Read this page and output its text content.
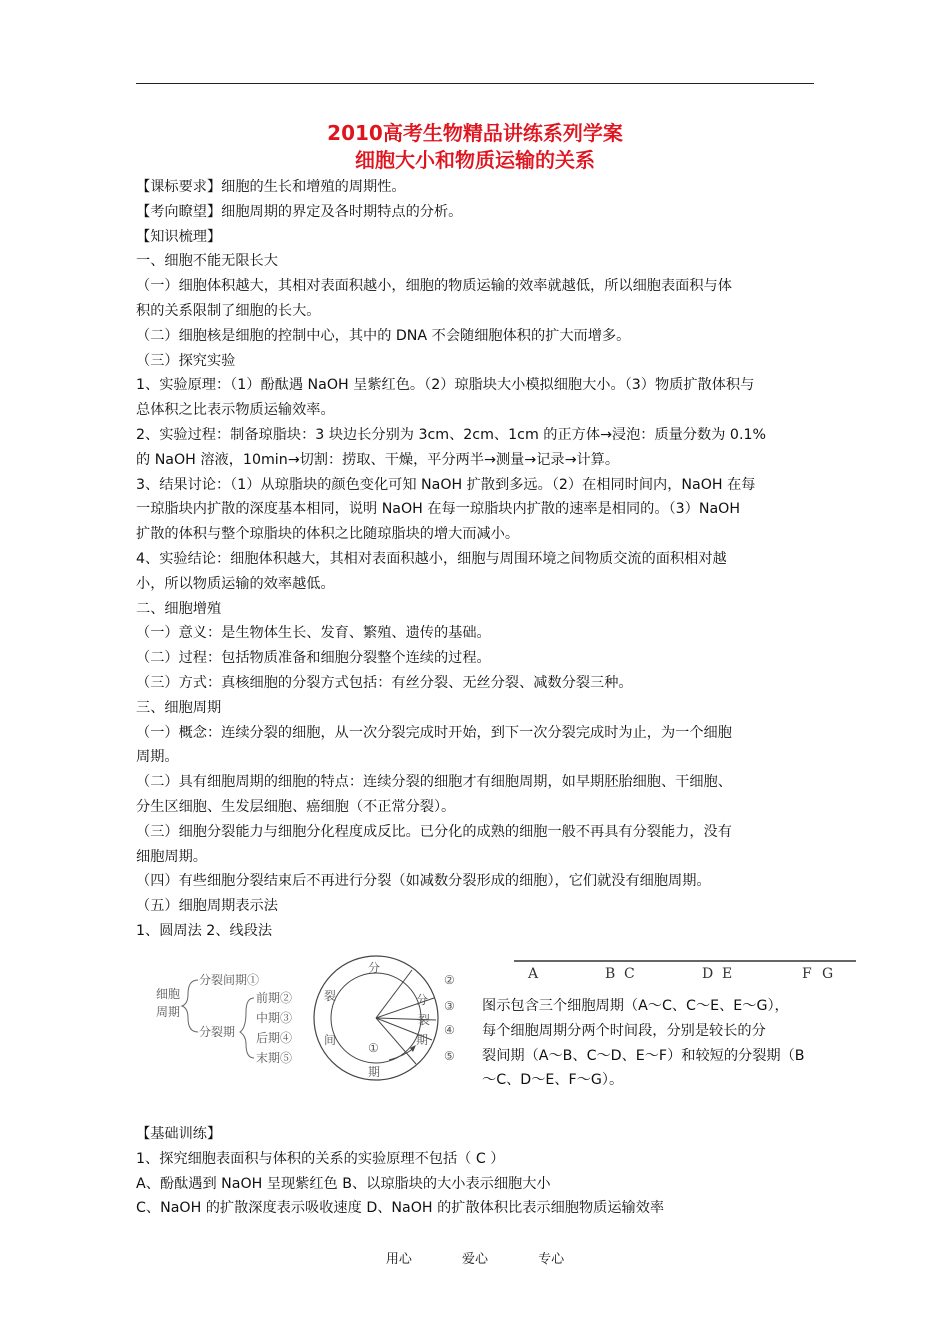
2010高考生物精品讲练系列学案
细胞大小和物质运输的关系

【课标要求】细胞的生长和增殖的周期性。

【考向瞭望】细胞周期的界定及各时期特点的分析。

【知识梳理】

一、细胞不能无限长大

（一）细胞体积越大，其相对表面积越小，细胞的物质运输的效率就越低，所以细胞表面积与体

积的关系限制了细胞的长大。

（二）细胞核是细胞的控制中心，其中的 DNA 不会随细胞体积的扩大而增多。

（三）探究实验

1、实验原理：（1）酚酞遇 NaOH 呈紫红色。（2）琼脂块大小模拟细胞大小。（3）物质扩散体积与

总体积之比表示物质运输效率。

2、实验过程：制备琼脂块：3 块边长分别为 3cm、2cm、1cm 的正方体→浸泡：质量分数为 0.1%

的 NaOH 溶液，10min→切割：捞取、干燥，平分两半→测量→记录→计算。

3、结果讨论：（1）从琼脂块的颜色变化可知 NaOH 扩散到多远。（2）在相同时间内，NaOH 在每

一琼脂块内扩散的深度基本相同，说明 NaOH 在每一琼脂块内扩散的速率是相同的。（3）NaOH

扩散的体积与整个琼脂块的体积之比随琼脂块的增大而减小。

4、实验结论：细胞体积越大，其相对表面积越小，细胞与周围环境之间物质交流的面积相对越

小，所以物质运输的效率越低。

二、细胞增殖

（一）意义：是生物体生长、发育、繁殖、遗传的基础。

（二）过程：包括物质准备和细胞分裂整个连续的过程。

（三）方式：真核细胞的分裂方式包括：有丝分裂、无丝分裂、减数分裂三种。

三、细胞周期

（一）概念：连续分裂的细胞，从一次分裂完成时开始，到下一次分裂完成时为止，为一个细胞

周期。

（二）具有细胞周期的细胞的特点：连续分裂的细胞才有细胞周期，如早期胚胎细胞、干细胞、

分生区细胞、生发层细胞、癌细胞（不正常分裂）。

（三）细胞分裂能力与细胞分化程度成反比。已分化的成熟的细胞一般不再具有分裂能力，没有

细胞周期。

（四）有些细胞分裂结束后不再进行分裂（如减数分裂形成的细胞），它们就没有细胞周期。

（五）细胞周期表示法

1、圆周法 2、线段法

细胞
周期
分裂间期①
分裂期
前期②
中期③
后期④
末期⑤
分
裂
间
①
期
分
裂
期
②
③
④
⑤
A	B C	D E	F G

图示包含三个细胞周期（A～C、C～E、E～G），

每个细胞周期分两个时间段，分别是较长的分

裂间期（A～B、C～D、E～F）和较短的分裂期（B

～C、D～E、F～G）。

【基础训练】

1、探究细胞表面积与体积的关系的实验原理不包括（ C ）

A、酚酞遇到 NaOH 呈现紫红色 B、以琼脂块的大小表示细胞大小

C、NaOH 的扩散深度表示吸收速度 D、NaOH 的扩散体积比表示细胞物质运输效率

用心	爱心	专心
